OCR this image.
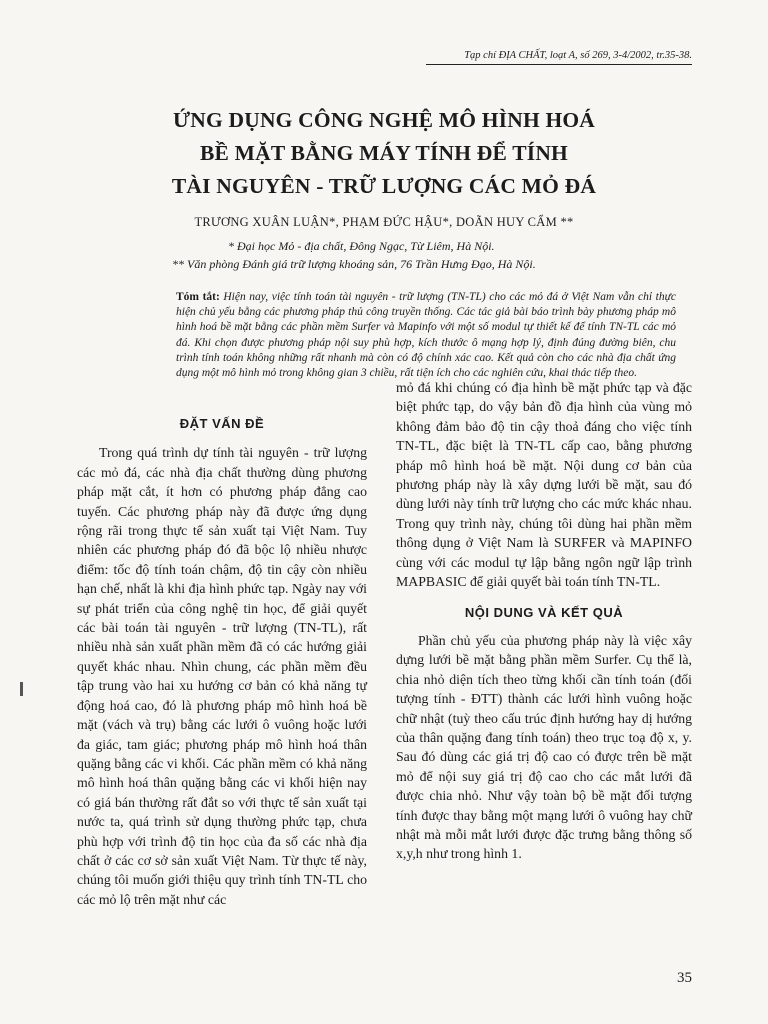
Tạp chí ĐỊA CHẤT, loạt A, số 269, 3-4/2002, tr.35-38.
ỨNG DỤNG CÔNG NGHỆ MÔ HÌNH HOÁ
BỀ MẶT BẰNG MÁY TÍNH ĐỂ TÍNH
TÀI NGUYÊN - TRỮ LƯỢNG CÁC MỎ ĐÁ
TRƯƠNG XUÂN LUẬN*, PHẠM ĐỨC HẬU*, DOÃN HUY CẨM **
* Đại học Mỏ - địa chất, Đông Ngạc, Từ Liêm, Hà Nội.
** Văn phòng Đánh giá trữ lượng khoáng sản, 76 Trần Hưng Đạo, Hà Nội.
Tóm tắt: Hiện nay, việc tính toán tài nguyên - trữ lượng (TN-TL) cho các mỏ đá ở Việt Nam vẫn chỉ thực hiện chủ yếu bằng các phương pháp thủ công truyền thống. Các tác giả bài báo trình bày phương pháp mô hình hoá bề mặt bằng các phần mềm Surfer và Mapinfo với một số modul tự thiết kế để tính TN-TL các mỏ đá. Khi chọn được phương pháp nội suy phù hợp, kích thước ô mạng hợp lý, định đúng đường biên, chu trình tính toán không những rất nhanh mà còn có độ chính xác cao. Kết quả còn cho các nhà địa chất ứng dụng một mô hình mỏ trong không gian 3 chiều, rất tiện ích cho các nghiên cứu, khai thác tiếp theo.
ĐẶT VẤN ĐỀ

Trong quá trình dự tính tài nguyên - trữ lượng các mỏ đá, các nhà địa chất thường dùng phương pháp mặt cắt, ít hơn có phương pháp đẳng cao tuyến. Các phương pháp này đã được ứng dụng rộng rãi trong thực tế sản xuất tại Việt Nam. Tuy nhiên các phương pháp đó đã bộc lộ nhiều nhược điểm: tốc độ tính toán chậm, độ tin cậy còn nhiều hạn chế, nhất là khi địa hình phức tạp. Ngày nay với sự phát triển của công nghệ tin học, để giải quyết các bài toán tài nguyên - trữ lượng (TN-TL), rất nhiều nhà sản xuất phần mềm đã có các hướng giải quyết khác nhau. Nhìn chung, các phần mềm đều tập trung vào hai xu hướng cơ bản có khả năng tự động hoá cao, đó là phương pháp mô hình hoá bề mặt (vách và trụ) bằng các lưới ô vuông hoặc lưới đa giác, tam giác; phương pháp mô hình hoá thân quặng bằng các vi khối. Các phần mềm có khả năng mô hình hoá thân quặng bằng các vi khối hiện nay có giá bán thường rất đắt so với thực tế sản xuất tại nước ta, quá trình sử dụng thường phức tạp, chưa phù hợp với trình độ tin học của đa số các nhà địa chất ở các cơ sở sản xuất Việt Nam. Từ thực tế này, chúng tôi muốn giới thiệu quy trình tính TN-TL cho các mỏ lộ trên mặt như các

mỏ đá khi chúng có địa hình bề mặt phức tạp và đặc biệt phức tạp, do vậy bản đồ địa hình của vùng mỏ không đảm bảo độ tin cậy thoả đáng cho việc tính TN-TL, đặc biệt là TN-TL cấp cao, bằng phương pháp mô hình hoá bề mặt. Nội dung cơ bản của phương pháp này là xây dựng lưới bề mặt, sau đó dùng lưới này tính trữ lượng cho các mức khác nhau. Trong quy trình này, chúng tôi dùng hai phần mềm thông dụng ở Việt Nam là SURFER và MAPINFO cùng với các modul tự lập bằng ngôn ngữ lập trình MAPBASIC để giải quyết bài toán tính TN-TL.

NỘI DUNG VÀ KẾT QUẢ

Phần chủ yếu của phương pháp này là việc xây dựng lưới bề mặt bằng phần mềm Surfer. Cụ thể là, chia nhỏ diện tích theo từng khối cần tính toán (đối tượng tính - ĐTT) thành các lưới hình vuông hoặc chữ nhật (tuỳ theo cấu trúc định hướng hay dị hướng của thân quặng đang tính toán) theo trục toạ độ x, y. Sau đó dùng các giá trị độ cao có được trên bề mặt mỏ để nội suy giá trị độ cao cho các mắt lưới đã được chia nhỏ. Như vậy toàn bộ bề mặt đối tượng tính được thay bằng một mạng lưới ô vuông hay chữ nhật mà mỗi mắt lưới được đặc trưng bằng thông số x,y,h như trong hình 1.

35
